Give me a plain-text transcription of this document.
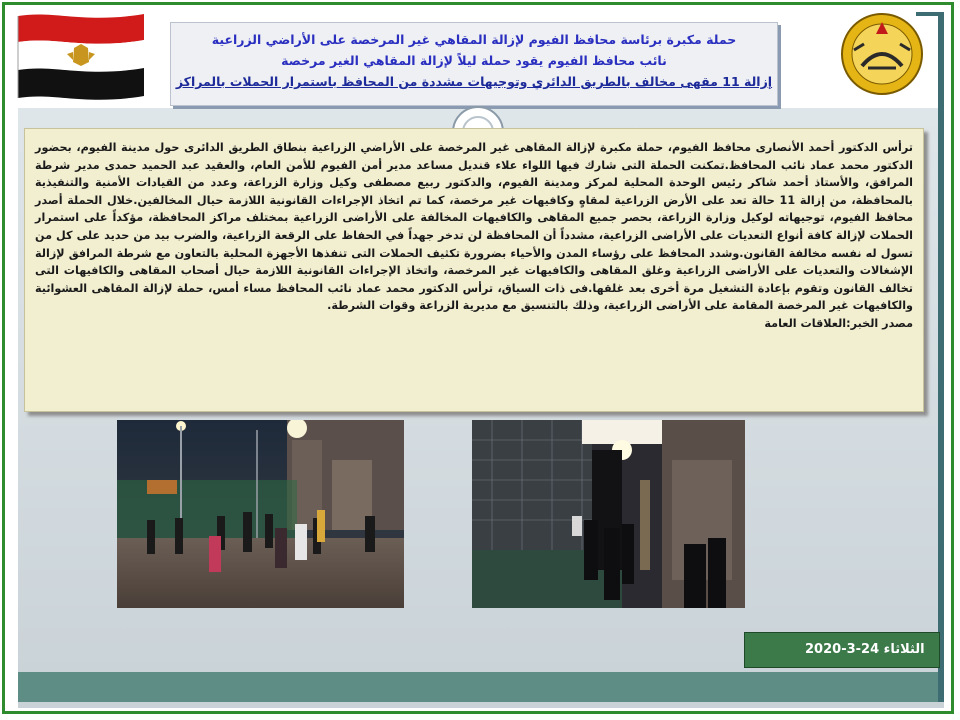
حملة مكبرة برئاسة محافظ الفيوم لإزالة المقاهي غير المرخصة على الأراضي الزراعية
نائب محافظ الفيوم يقود حملة ليلاً لإزالة المقاهي الغير مرخصة
إزالة 11 مقهى مخالف بالطريق الدائري وتوجيهات مشددة من المحافظ باستمرار الحملات بالمراكز
ترأس الدكتور أحمد الأنصارى محافظ الفيوم، حملة مكبرة لإزالة المقاهى غير المرخصة على الأراضي الزراعية بنطاق الطريق الدائرى حول مدينة الفيوم، بحضور الدكتور محمد عماد نائب المحافظ.تمكنت الحملة التى شارك فيها اللواء علاء قنديل مساعد مدير أمن الفيوم للأمن العام، والعقيد عبد الحميد حمدى مدير شرطة المرافق، والأستاذ أحمد شاكر رئيس الوحدة المحلية لمركز ومدينة الفيوم، والدكتور ربيع مصطفى وكيل وزارة الزراعة، وعدد من القيادات الأمنية والتنفيذية بالمحافظة، من إزالة 11 حالة تعد على الأرض الزراعية لمقاهٍ وكافيهات غير مرخصة، كما تم اتخاذ الإجراءات القانونية اللازمة حيال المخالفين.خلال الحملة أصدر محافظ الفيوم، توجيهاته لوكيل وزارة الزراعة، بحصر جميع المقاهى والكافيهات المخالفة على الأراضى الزراعية بمختلف مراكز المحافظة، مؤكداً على استمرار الحملات لإزالة كافة أنواع التعديات على الأراضى الزراعية، مشدداً أن المحافظة لن تدخر جهداً في الحفاظ على الرقعة الزراعية، والضرب بيد من حديد على كل من تسول له نفسه مخالفة القانون.وشدد المحافظ على رؤساء المدن والأحياء بضرورة تكثيف الحملات التى تنفذها الأجهزة المحلية بالتعاون مع شرطة المرافق لإزالة الإشغالات والتعديات على الأراضى الزراعية وغلق المقاهى والكافيهات غير المرخصة، واتخاذ الإجراءات القانونية اللازمة حيال أصحاب المقاهى والكافيهات التى تخالف القانون وتقوم بإعادة التشغيل مرة أخرى بعد غلقها.فى ذات السياق، ترأس الدكتور محمد عماد نائب المحافظ مساء أمس، حملة لإزالة المقاهى العشوائية والكافيهات غير المرخصة المقامة على الأراضى الزراعية، وذلك بالتنسيق مع مديرية الزراعة وقوات الشرطة.
مصدر الخبر:العلاقات العامة
الثلاثاء 24-3-2020
